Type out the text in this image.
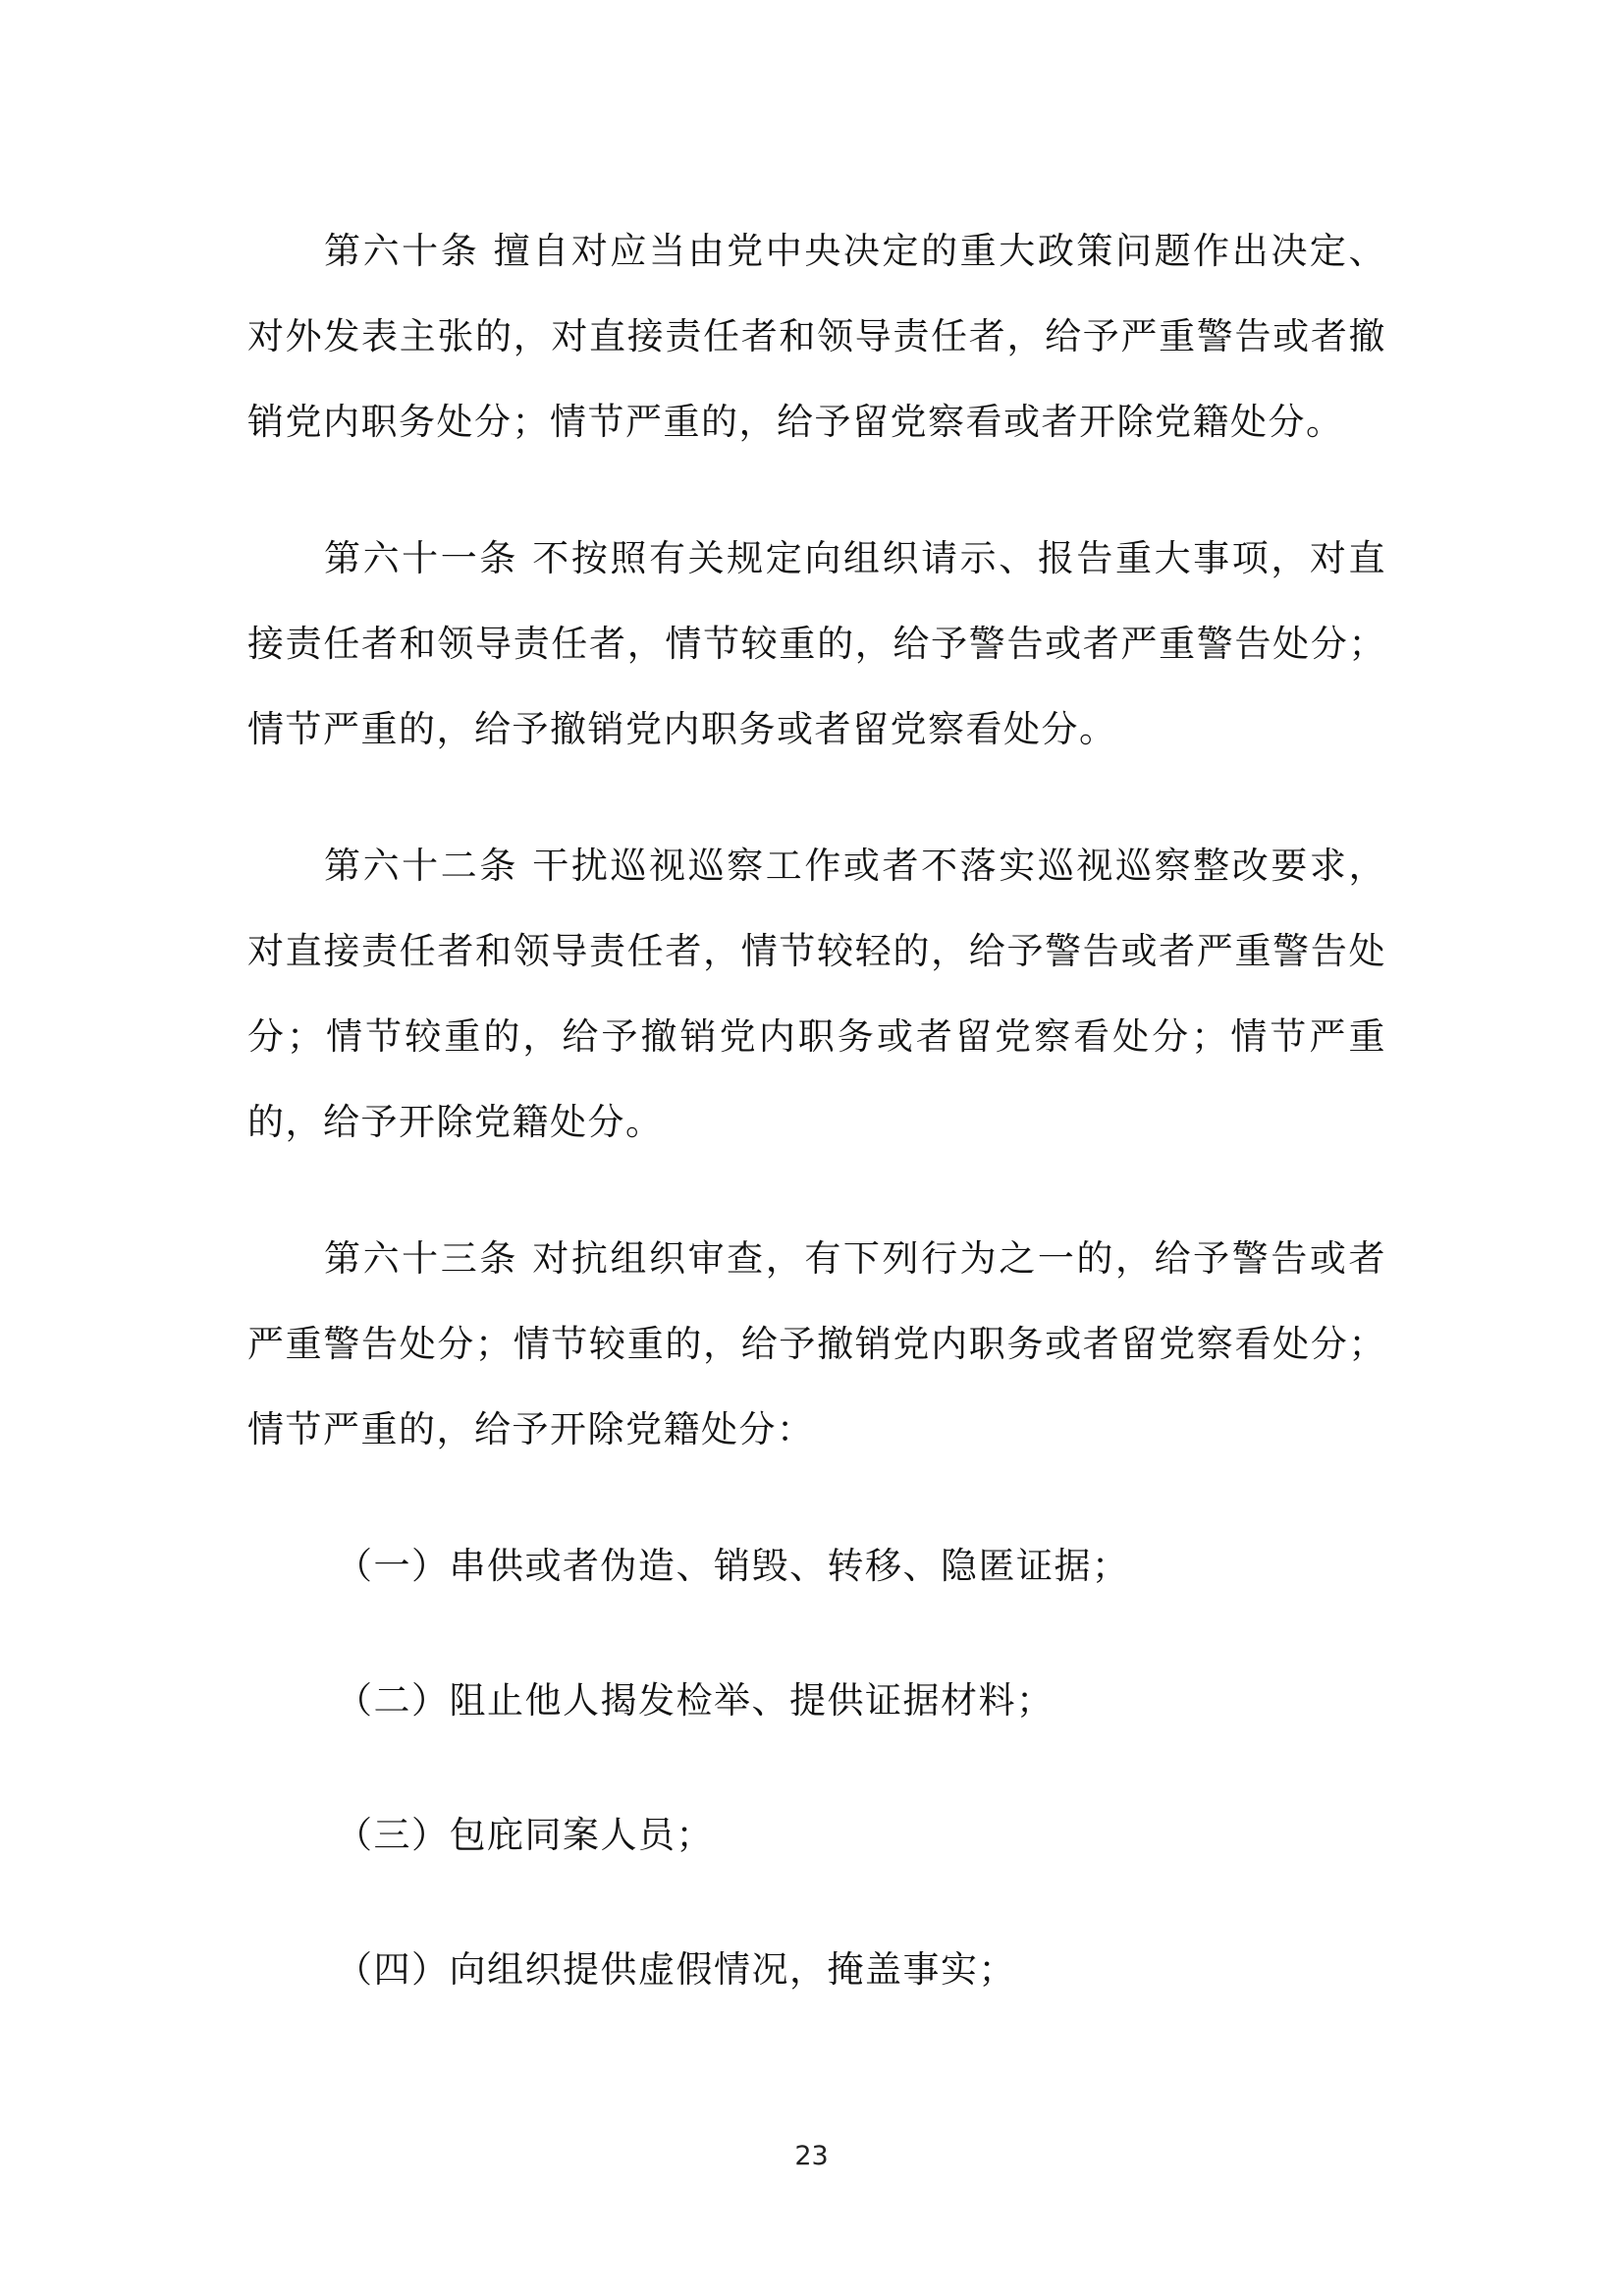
第六十条 擅自对应当由党中央决定的重大政策问题作出决定、对外发表主张的，对直接责任者和领导责任者，给予严重警告或者撤销党内职务处分；情节严重的，给予留党察看或者开除党籍处分。

第六十一条 不按照有关规定向组织请示、报告重大事项，对直接责任者和领导责任者，情节较重的，给予警告或者严重警告处分；情节严重的，给予撤销党内职务或者留党察看处分。

第六十二条 干扰巡视巡察工作或者不落实巡视巡察整改要求，对直接责任者和领导责任者，情节较轻的，给予警告或者严重警告处分；情节较重的，给予撤销党内职务或者留党察看处分；情节严重的，给予开除党籍处分。

第六十三条 对抗组织审查，有下列行为之一的，给予警告或者严重警告处分；情节较重的，给予撤销党内职务或者留党察看处分；情节严重的，给予开除党籍处分：

（一）串供或者伪造、销毁、转移、隐匿证据；

（二）阻止他人揭发检举、提供证据材料；

（三）包庇同案人员；

（四）向组织提供虚假情况，掩盖事实；

23
